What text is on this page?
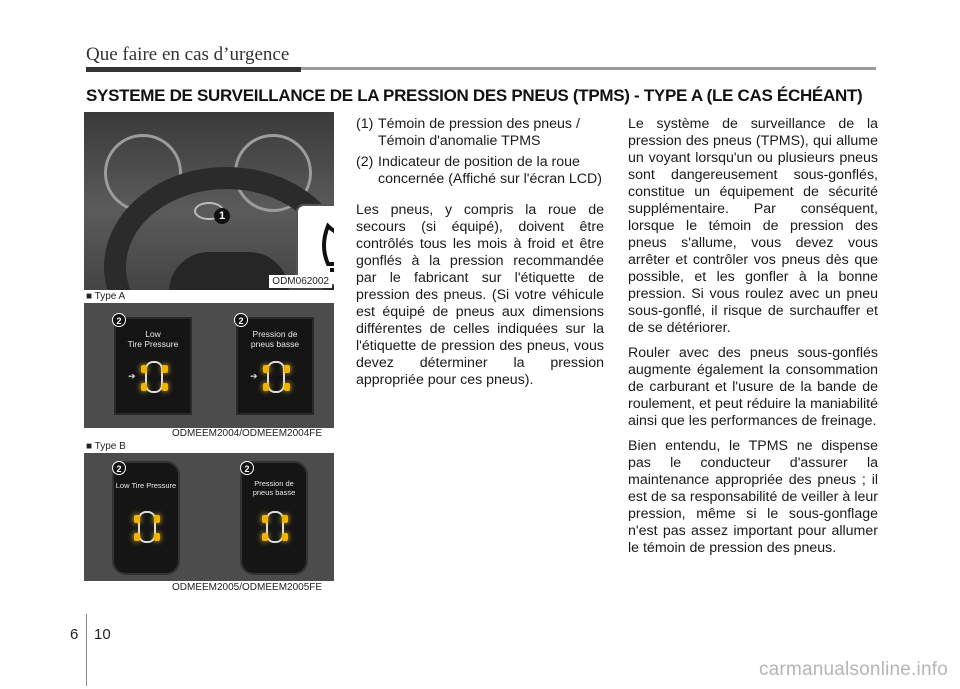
Que faire en cas d’urgence
SYSTEME DE SURVEILLANCE DE LA PRESSION DES PNEUS (TPMS) - TYPE A (LE CAS ÉCHÉANT)
1
ODM062002
■ Type A
Low
Tire Pressure
➔
2
Pression de
pneus basse
➔
2
ODMEEM2004/ODMEEM2004FE
■ Type B
Low Tire Pressure
2
Pression de
pneus basse
2
ODMEEM2005/ODMEEM2005FE
(1) Témoin de pression des pneus / Témoin d'anomalie TPMS
(2) Indicateur de position de la roue concernée (Affiché sur l'écran LCD)

Les pneus, y compris la roue de secours (si équipé), doivent être contrôlés tous les mois à froid et être gonflés à la pression recommandée par le fabricant sur l'étiquette de pression des pneus. (Si votre véhicule est équipé de pneus aux dimensions différentes de celles indiquées sur la l'étiquette de pression des pneus, vous devez déterminer la pression appropriée pour ces pneus).

Le système de surveillance de la pression des pneus (TPMS), qui allume un voyant lorsqu'un ou plusieurs pneus sont dangereusement sous-gonflés, constitue un équipement de sécurité supplémentaire. Par conséquent, lorsque le témoin de pression des pneus s'allume, vous devez vous arrêter et contrôler vos pneus dès que possible, et les gonfler à la bonne pression. Si vous roulez avec un pneu sous-gonflé, il risque de surchauffer et de se détériorer.

Rouler avec des pneus sous-gonflés augmente également la consommation de carburant et l'usure de la bande de roulement, et peut réduire la maniabilité ainsi que les performances de freinage.

Bien entendu, le TPMS ne dispense pas le conducteur d'assurer la maintenance appropriée des pneus ; il est de sa responsabilité de veiller à leur pression, même si le sous-gonflage n'est pas assez important pour allumer le témoin de pression des pneus.

6 10
carmanualsonline.info
